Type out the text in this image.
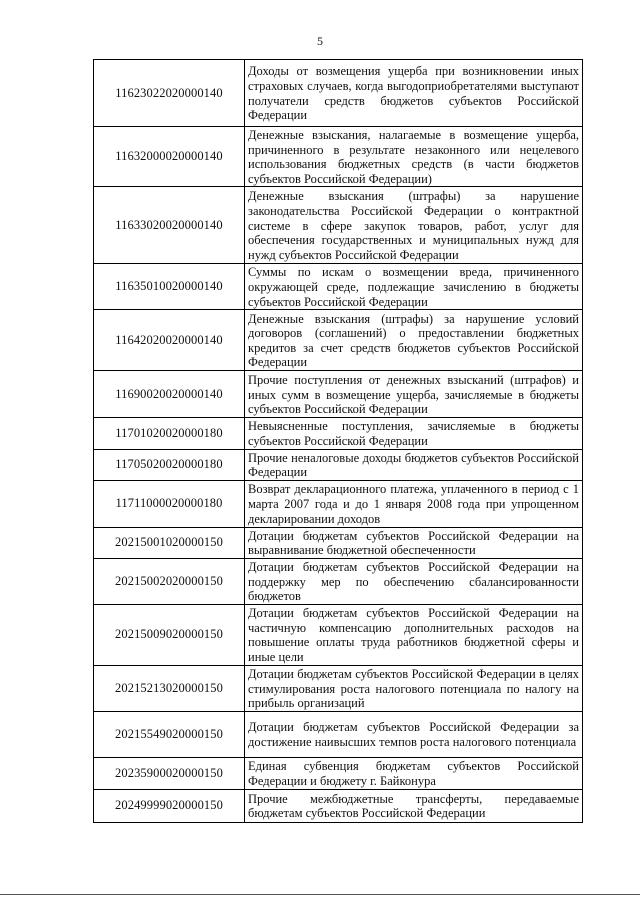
5
11623022020000140	Доходы от возмещения ущерба при возникновении иных страховых случаев, когда выгодоприобретателями выступают получатели средств бюджетов субъектов Российской Федерации
11632000020000140	Денежные взыскания, налагаемые в возмещение ущерба, причиненного в результате незаконного или нецелевого использования бюджетных средств (в части бюджетов субъектов Российской Федерации)
11633020020000140	Денежные взыскания (штрафы) за нарушение законодательства Российской Федерации о контрактной системе в сфере закупок товаров, работ, услуг для обеспечения государственных и муниципальных нужд для нужд субъектов Российской Федерации
11635010020000140	Суммы по искам о возмещении вреда, причиненного окружающей среде, подлежащие зачислению в бюджеты субъектов Российской Федерации
11642020020000140	Денежные взыскания (штрафы) за нарушение условий договоров (соглашений) о предоставлении бюджетных кредитов за счет средств бюджетов субъектов Российской Федерации
11690020020000140	Прочие поступления от денежных взысканий (штрафов) и иных сумм в возмещение ущерба, зачисляемые в бюджеты субъектов Российской Федерации
11701020020000180	Невыясненные поступления, зачисляемые в бюджеты субъектов Российской Федерации
11705020020000180	Прочие неналоговые доходы бюджетов субъектов Российской Федерации
11711000020000180	Возврат декларационного платежа, уплаченного в период с 1 марта 2007 года и до 1 января 2008 года при упрощенном декларировании доходов
20215001020000150	Дотации бюджетам субъектов Российской Федерации на выравнивание бюджетной обеспеченности
20215002020000150	Дотации бюджетам субъектов Российской Федерации на поддержку мер по обеспечению сбалансированности бюджетов
20215009020000150	Дотации бюджетам субъектов Российской Федерации на частичную компенсацию дополнительных расходов на повышение оплаты труда работников бюджетной сферы и иные цели
20215213020000150	Дотации бюджетам субъектов Российской Федерации в целях стимулирования роста налогового потенциала по налогу на прибыль организаций
20215549020000150	Дотации бюджетам субъектов Российской Федерации за достижение наивысших темпов роста налогового потенциала
20235900020000150	Единая субвенция бюджетам субъектов Российской Федерации и бюджету г. Байконура
20249999020000150	Прочие межбюджетные трансферты, передаваемые бюджетам субъектов Российской Федерации
